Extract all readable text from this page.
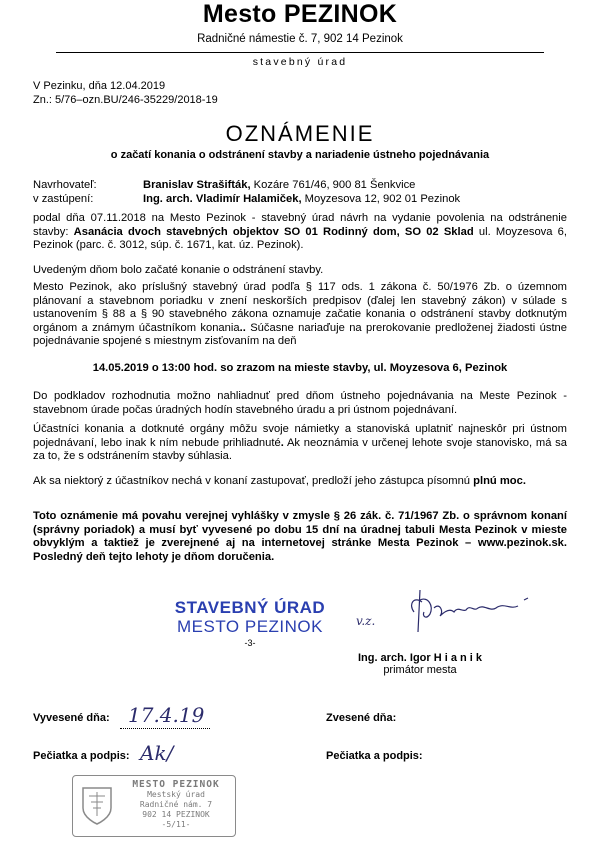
Mesto PEZINOK
Radničné námestie č. 7, 902 14 Pezinok
stavebný úrad
V Pezinku, dňa 12.04.2019
Zn.: 5/76–ozn.BU/246-35229/2018-19
OZNÁMENIE
o začatí konania o odstránení stavby a nariadenie ústneho pojednávania
Navrhovateľ:	Branislav Strašifták, Kozáre 761/46, 900 81 Šenkvice
v zastúpení:	Ing. arch. Vladimír Halamiček, Moyzesova 12, 902 01 Pezinok
podal dňa 07.11.2018 na Mesto Pezinok - stavebný úrad návrh na vydanie povolenia na odstránenie stavby: Asanácia dvoch stavebných objektov SO 01 Rodinný dom, SO 02 Sklad ul. Moyzesova 6, Pezinok (parc. č. 3012, súp. č. 1671, kat. úz. Pezinok).
Uvedeným dňom bolo začaté konanie o odstránení stavby.
Mesto Pezinok, ako príslušný stavebný úrad podľa § 117 ods. 1 zákona č. 50/1976 Zb. o územnom plánovaní a stavebnom poriadku v znení neskorších predpisov (ďalej len stavebný zákon) v súlade s ustanovením § 88 a § 90 stavebného zákona oznamuje začatie konania o odstránení stavby dotknutým orgánom a známym účastníkom konania.. Súčasne nariaďuje na prerokovanie predloženej žiadosti ústne pojednávanie spojené s miestnym zisťovaním na deň
14.05.2019 o 13:00 hod. so zrazom na mieste stavby, ul. Moyzesova 6, Pezinok
Do podkladov rozhodnutia možno nahliadnuť pred dňom ústneho pojednávania na Meste Pezinok - stavebnom úrade počas úradných hodín stavebného úradu a pri ústnom pojednávaní.
Účastníci konania a dotknuté orgány môžu svoje námietky a stanoviská uplatniť najneskôr pri ústnom pojednávaní, lebo inak k ním nebude prihliadnuté. Ak neoznámia v určenej lehote svoje stanovisko, má sa za to, že s odstránením stavby súhlasia.
Ak sa niektorý z účastníkov nechá v konaní zastupovať, predloží jeho zástupca písomnú plnú moc.
Toto oznámenie má povahu verejnej vyhlášky v zmysle § 26 zák. č. 71/1967 Zb. o správnom konaní (správny poriadok) a musí byť vyvesené po dobu 15 dní na úradnej tabuli Mesta Pezinok v mieste obvyklým a taktiež je zverejnené aj na internetovej stránke Mesta Pezinok – www.pezinok.sk. Posledný deň tejto lehoty je dňom doručenia.
STAVEBNÝ ÚRAD
MESTO PEZINOK
-3-
v.z.
Ing. arch. Igor H i a n i k
primátor mesta
Vyvesené dňa: 17.4.19	Zvesené dňa:
Pečiatka a podpis: Ak/	Pečiatka a podpis:
MESTO PEZINOK
Mestský úrad
Radničné nám. 7
902 14 PEZINOK
-5/11-
